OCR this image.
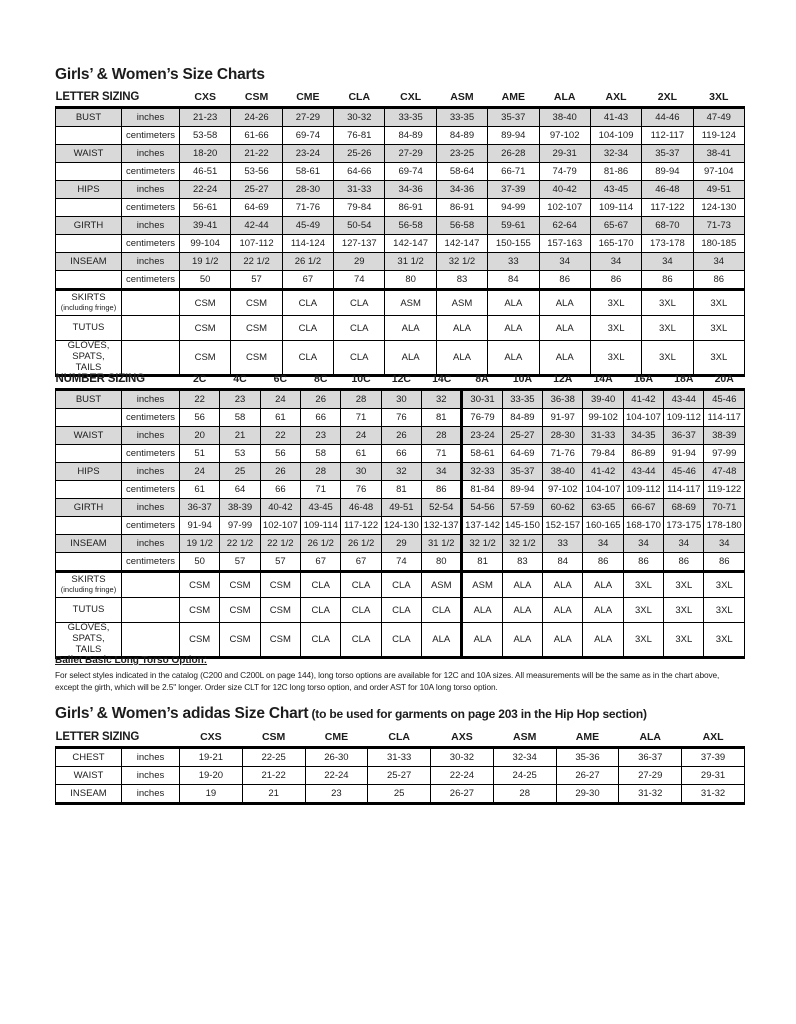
Girls’ & Women’s Size Charts
LETTER SIZING		CXS	CSM	CME	CLA	CXL	ASM	AME	ALA	AXL	2XL	3XL
BUST	inches	21-23	24-26	27-29	30-32	33-35	33-35	35-37	38-40	41-43	44-46	47-49
	centimeters	53-58	61-66	69-74	76-81	84-89	84-89	89-94	97-102	104-109	112-117	119-124
WAIST	inches	18-20	21-22	23-24	25-26	27-29	23-25	26-28	29-31	32-34	35-37	38-41
	centimeters	46-51	53-56	58-61	64-66	69-74	58-64	66-71	74-79	81-86	89-94	97-104
HIPS	inches	22-24	25-27	28-30	31-33	34-36	34-36	37-39	40-42	43-45	46-48	49-51
	centimeters	56-61	64-69	71-76	79-84	86-91	86-91	94-99	102-107	109-114	117-122	124-130
GIRTH	inches	39-41	42-44	45-49	50-54	56-58	56-58	59-61	62-64	65-67	68-70	71-73
	centimeters	99-104	107-112	114-124	127-137	142-147	142-147	150-155	157-163	165-170	173-178	180-185
INSEAM	inches	19 1/2	22 1/2	26 1/2	29	31 1/2	32 1/2	33	34	34	34	34
	centimeters	50	57	67	74	80	83	84	86	86	86	86

SKIRTS
(including fringe)		CSM	CSM	CLA	CLA	ASM	ASM	ALA	ALA	3XL	3XL	3XL

TUTUS		CSM	CSM	CLA	CLA	ALA	ALA	ALA	ALA	3XL	3XL	3XL

GLOVES, SPATS,
TAILS		CSM	CSM	CLA	CLA	ALA	ALA	ALA	ALA	3XL	3XL	3XL
NUMBER SIZING		2C	4C	6C	8C	10C	12C	14C	8A	10A	12A	14A	16A	18A	20A
BUST	inches	22	23	24	26	28	30	32	30-31	33-35	36-38	39-40	41-42	43-44	45-46
	centimeters	56	58	61	66	71	76	81	76-79	84-89	91-97	99-102	104-107	109-112	114-117
WAIST	inches	20	21	22	23	24	26	28	23-24	25-27	28-30	31-33	34-35	36-37	38-39
	centimeters	51	53	56	58	61	66	71	58-61	64-69	71-76	79-84	86-89	91-94	97-99
HIPS	inches	24	25	26	28	30	32	34	32-33	35-37	38-40	41-42	43-44	45-46	47-48
	centimeters	61	64	66	71	76	81	86	81-84	89-94	97-102	104-107	109-112	114-117	119-122
GIRTH	inches	36-37	38-39	40-42	43-45	46-48	49-51	52-54	54-56	57-59	60-62	63-65	66-67	68-69	70-71
	centimeters	91-94	97-99	102-107	109-114	117-122	124-130	132-137	137-142	145-150	152-157	160-165	168-170	173-175	178-180
INSEAM	inches	19 1/2	22 1/2	22 1/2	26 1/2	26 1/2	29	31 1/2	32 1/2	32 1/2	33	34	34	34	34
	centimeters	50	57	57	67	67	74	80	81	83	84	86	86	86	86

SKIRTS
(including fringe)		CSM	CSM	CSM	CLA	CLA	CLA	ASM	ASM	ALA	ALA	ALA	3XL	3XL	3XL

TUTUS		CSM	CSM	CSM	CLA	CLA	CLA	CLA	ALA	ALA	ALA	ALA	3XL	3XL	3XL

GLOVES, SPATS,
TAILS		CSM	CSM	CSM	CLA	CLA	CLA	ALA	ALA	ALA	ALA	ALA	3XL	3XL	3XL
Ballet Basic Long Torso Option:
For select styles indicated in the catalog (C200 and C200L on page 144), long torso options are available for 12C and 10A sizes. All measurements will be the same as in the chart above,
except the girth, which will be 2.5" longer. Order size CLT for 12C long torso option, and order AST for 10A long torso option.
Girls’ & Women’s adidas Size Chart (to be used for garments on page 203 in the Hip Hop section)
LETTER SIZING		CXS	CSM	CME	CLA	AXS	ASM	AME	ALA	AXL
CHEST	inches	19-21	22-25	26-30	31-33	30-32	32-34	35-36	36-37	37-39
WAIST	inches	19-20	21-22	22-24	25-27	22-24	24-25	26-27	27-29	29-31
INSEAM	inches	19	21	23	25	26-27	28	29-30	31-32	31-32
